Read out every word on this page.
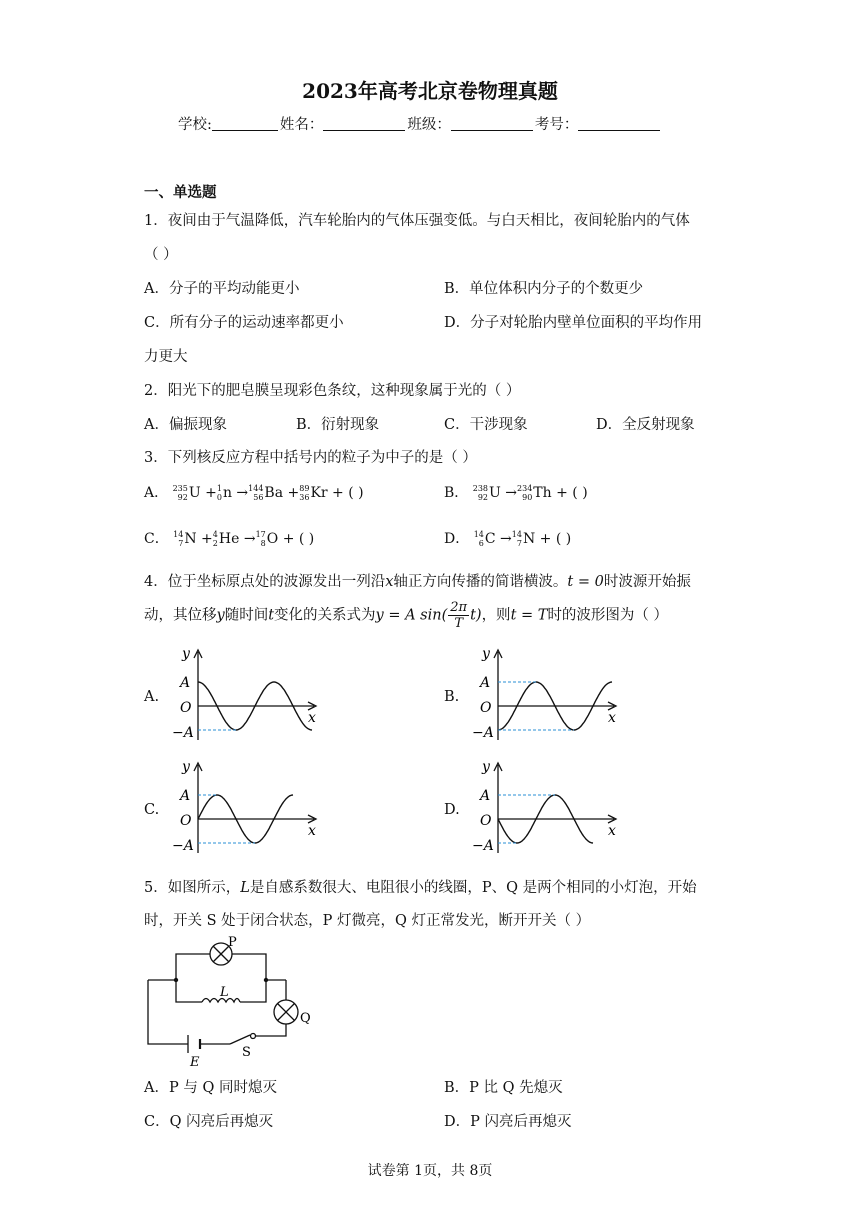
2023年高考北京卷物理真题
学校:	姓名：	班级：	考号：
一、单选题
1．夜间由于气温降低，汽车轮胎内的气体压强变低。与白天相比，夜间轮胎内的气体
（ ）
A．分子的平均动能更小	B．单位体积内分子的个数更少
C．所有分子的运动速率都更小	D．分子对轮胎内壁单位面积的平均作用
力更大
2．阳光下的肥皂膜呈现彩色条纹，这种现象属于光的（ ）
A．偏振现象	B．衍射现象	C．干涉现象	D．全反射现象
3．下列核反应方程中括号内的粒子为中子的是（ ）
A． 235
92 U + 1
0 n → 144
56 Ba + 89
36 Kr + ( )	B． 238
92 U → 234
90 Th + ( )
C． 14
7 N + 4
2 He → 17
8 O + ( )	D． 14
6 C → 14
7 N + ( )
4．位于坐标原点处的波源发出一列沿x轴正方向传播的简谐横波。t = 0时波源开始振
动，其位移y随时间t变化的关系式为y = A $\sin( \frac{2\pi}{T} t)$，则t = T时的波形图为（ ）
A.	B.
C.	D.
y
x
A
O
−A
y
x
A
O
−A
y
x
A
O
−A
y
x
A
O
−A
5．如图所示，L是自感系数很大、电阻很小的线圈，P、Q 是两个相同的小灯泡，开始
时，开关 S 处于闭合状态，P 灯微亮，Q 灯正常发光，断开开关（ ）
P
Q
L
E
S
A．P 与 Q 同时熄灭	B．P 比 Q 先熄灭
C．Q 闪亮后再熄灭	D．P 闪亮后再熄灭
试卷第 1页，共 8页
